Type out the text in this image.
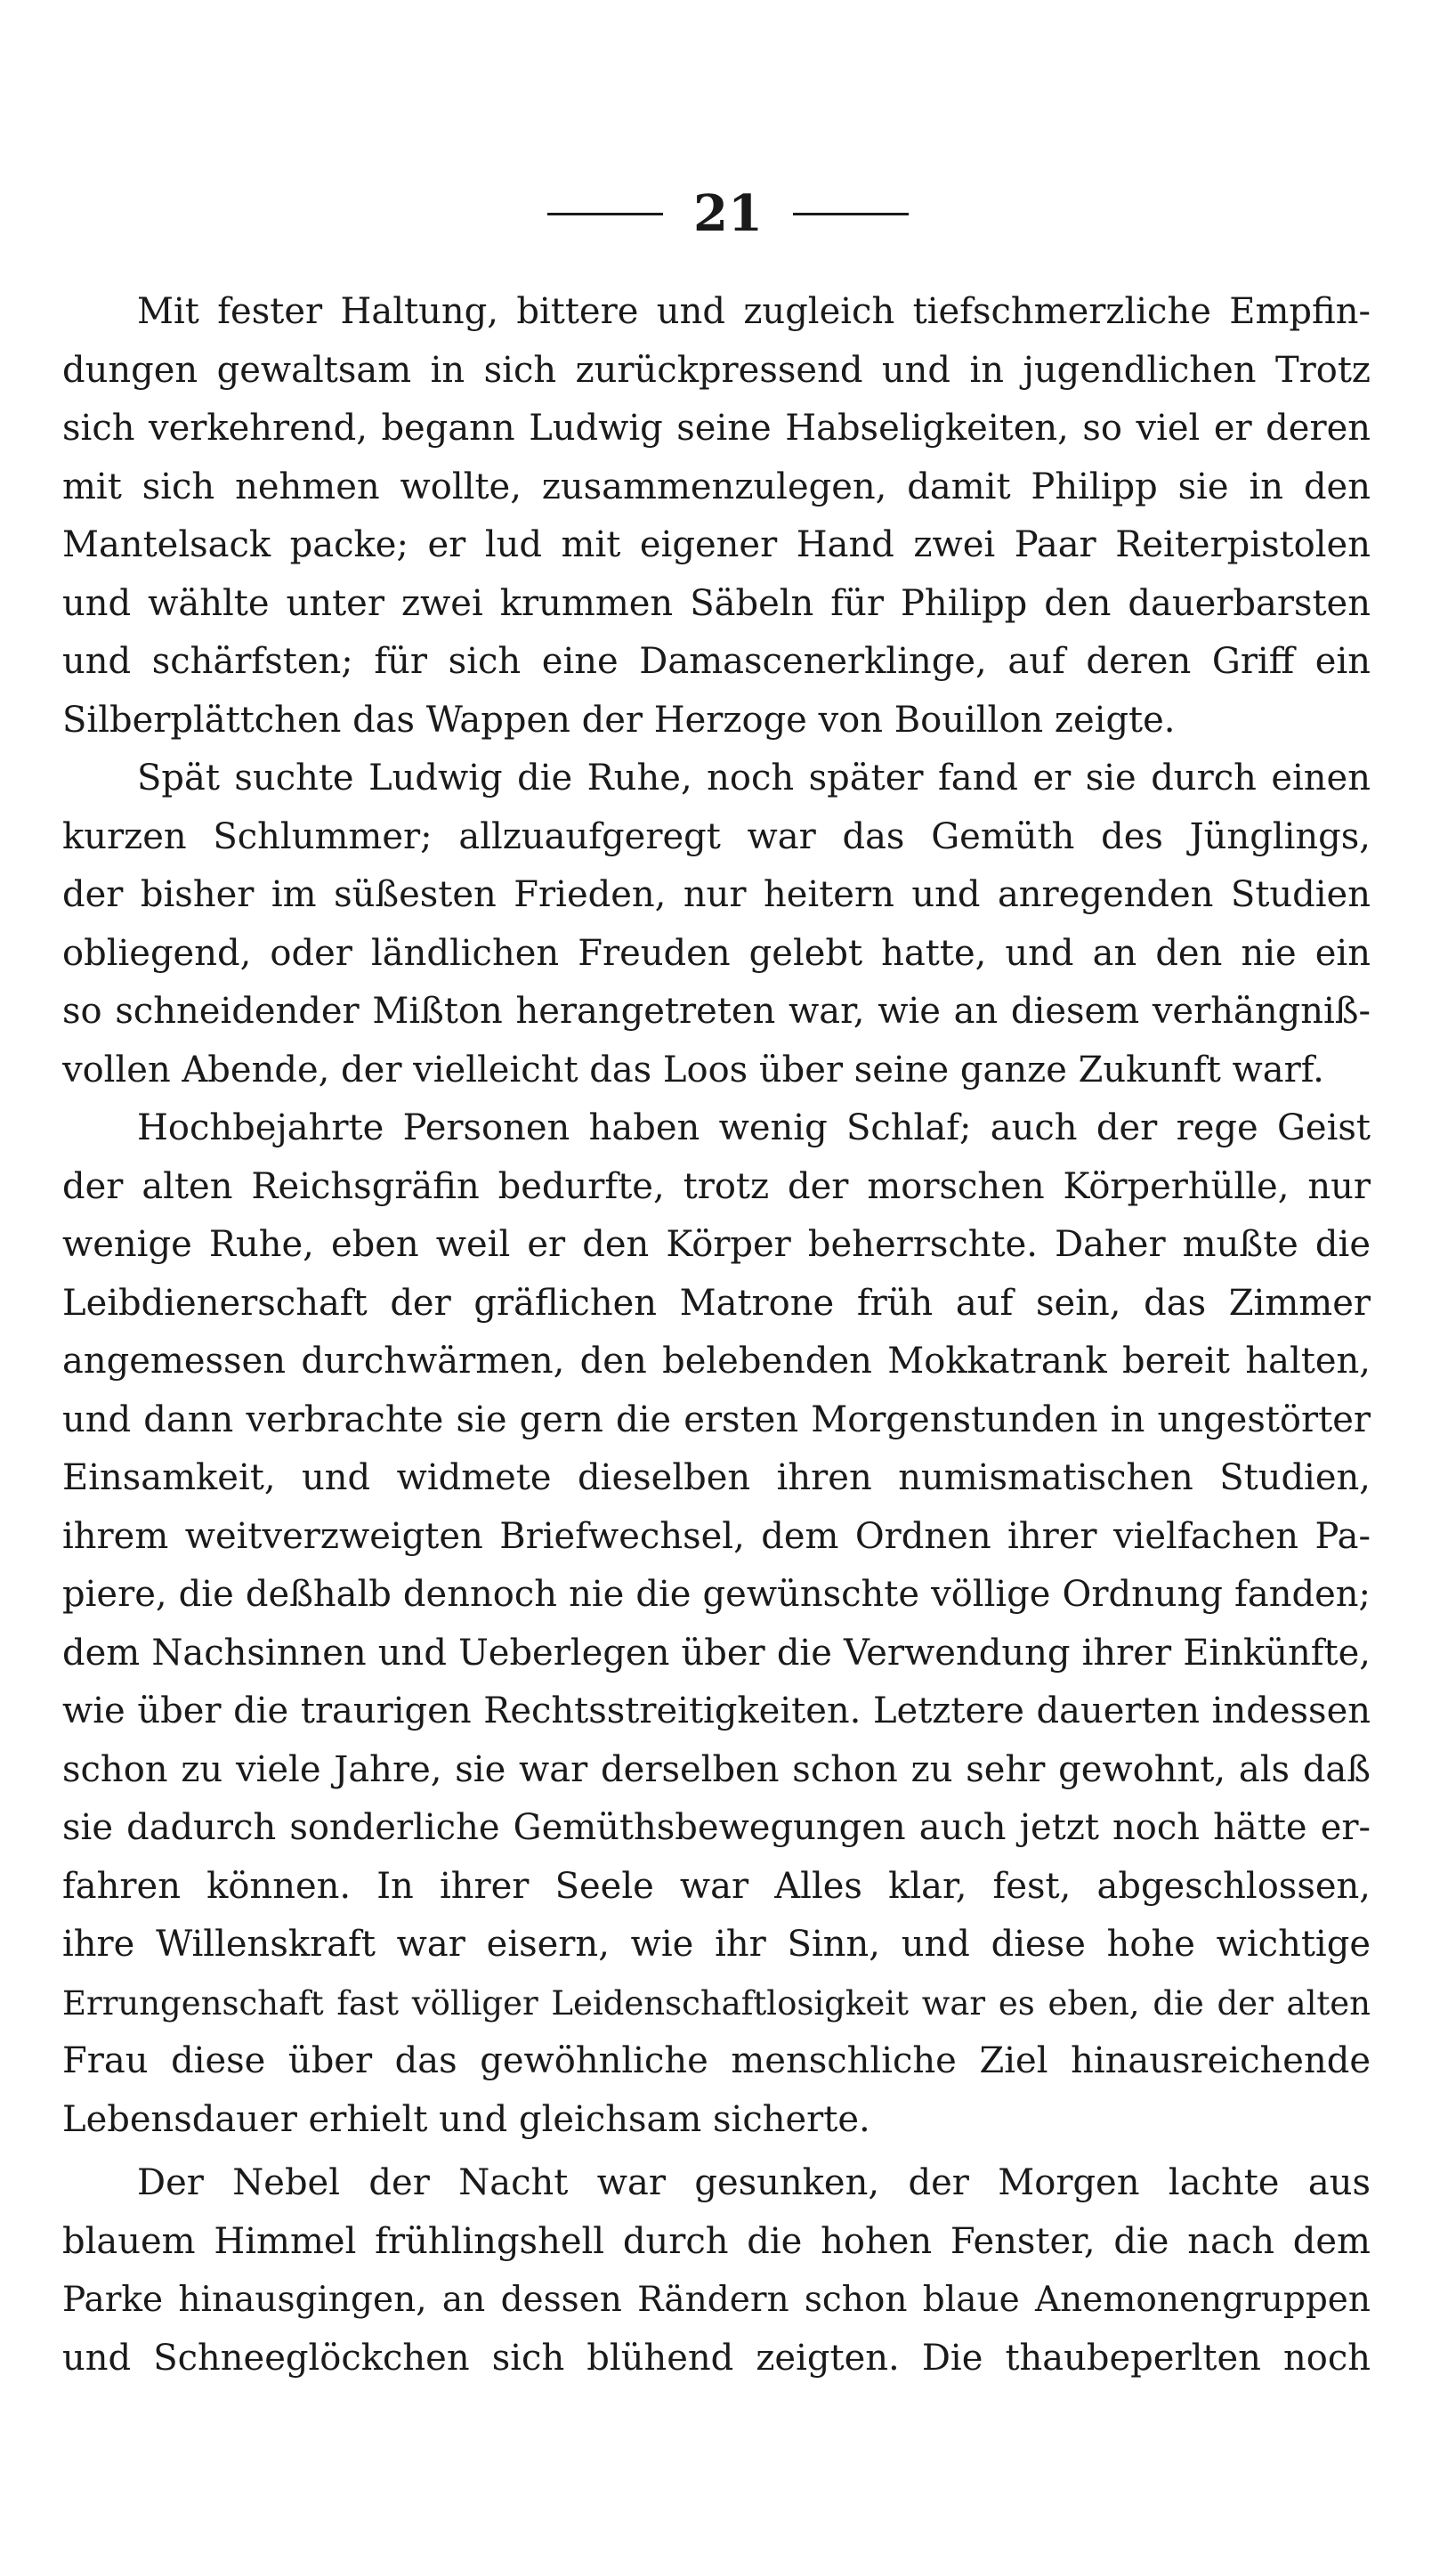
21
Mit fester Haltung, bittere und zugleich tiefschmerzliche Empfin-
dungen gewaltsam in sich zurückpressend und in jugendlichen Trotz
sich verkehrend, begann Ludwig seine Habseligkeiten, so viel er deren
mit sich nehmen wollte, zusammenzulegen, damit Philipp sie in den
Mantelsack packe; er lud mit eigener Hand zwei Paar Reiterpistolen
und wählte unter zwei krummen Säbeln für Philipp den dauerbarsten
und schärfsten; für sich eine Damascenerklinge, auf deren Griff ein
Silberplättchen das Wappen der Herzoge von Bouillon zeigte.
Spät suchte Ludwig die Ruhe, noch später fand er sie durch einen
kurzen Schlummer; allzuaufgeregt war das Gemüth des Jünglings,
der bisher im süßesten Frieden, nur heitern und anregenden Studien
obliegend, oder ländlichen Freuden gelebt hatte, und an den nie ein
so schneidender Mißton herangetreten war, wie an diesem verhängniß-
vollen Abende, der vielleicht das Loos über seine ganze Zukunft warf.
Hochbejahrte Personen haben wenig Schlaf; auch der rege Geist
der alten Reichsgräfin bedurfte, trotz der morschen Körperhülle, nur
wenige Ruhe, eben weil er den Körper beherrschte. Daher mußte die
Leibdienerschaft der gräflichen Matrone früh auf sein, das Zimmer
angemessen durchwärmen, den belebenden Mokkatrank bereit halten,
und dann verbrachte sie gern die ersten Morgenstunden in ungestörter
Einsamkeit, und widmete dieselben ihren numismatischen Studien,
ihrem weitverzweigten Briefwechsel, dem Ordnen ihrer vielfachen Pa-
piere, die deßhalb dennoch nie die gewünschte völlige Ordnung fanden;
dem Nachsinnen und Ueberlegen über die Verwendung ihrer Einkünfte,
wie über die traurigen Rechtsstreitigkeiten. Letztere dauerten indessen
schon zu viele Jahre, sie war derselben schon zu sehr gewohnt, als daß
sie dadurch sonderliche Gemüthsbewegungen auch jetzt noch hätte er-
fahren können. In ihrer Seele war Alles klar, fest, abgeschlossen,
ihre Willenskraft war eisern, wie ihr Sinn, und diese hohe wichtige
Errungenschaft fast völliger Leidenschaftlosigkeit war es eben, die der alten
Frau diese über das gewöhnliche menschliche Ziel hinausreichende
Lebensdauer erhielt und gleichsam sicherte.
Der Nebel der Nacht war gesunken, der Morgen lachte aus
blauem Himmel frühlingshell durch die hohen Fenster, die nach dem
Parke hinausgingen, an dessen Rändern schon blaue Anemonengruppen
und Schneeglöckchen sich blühend zeigten. Die thaubeperlten noch
